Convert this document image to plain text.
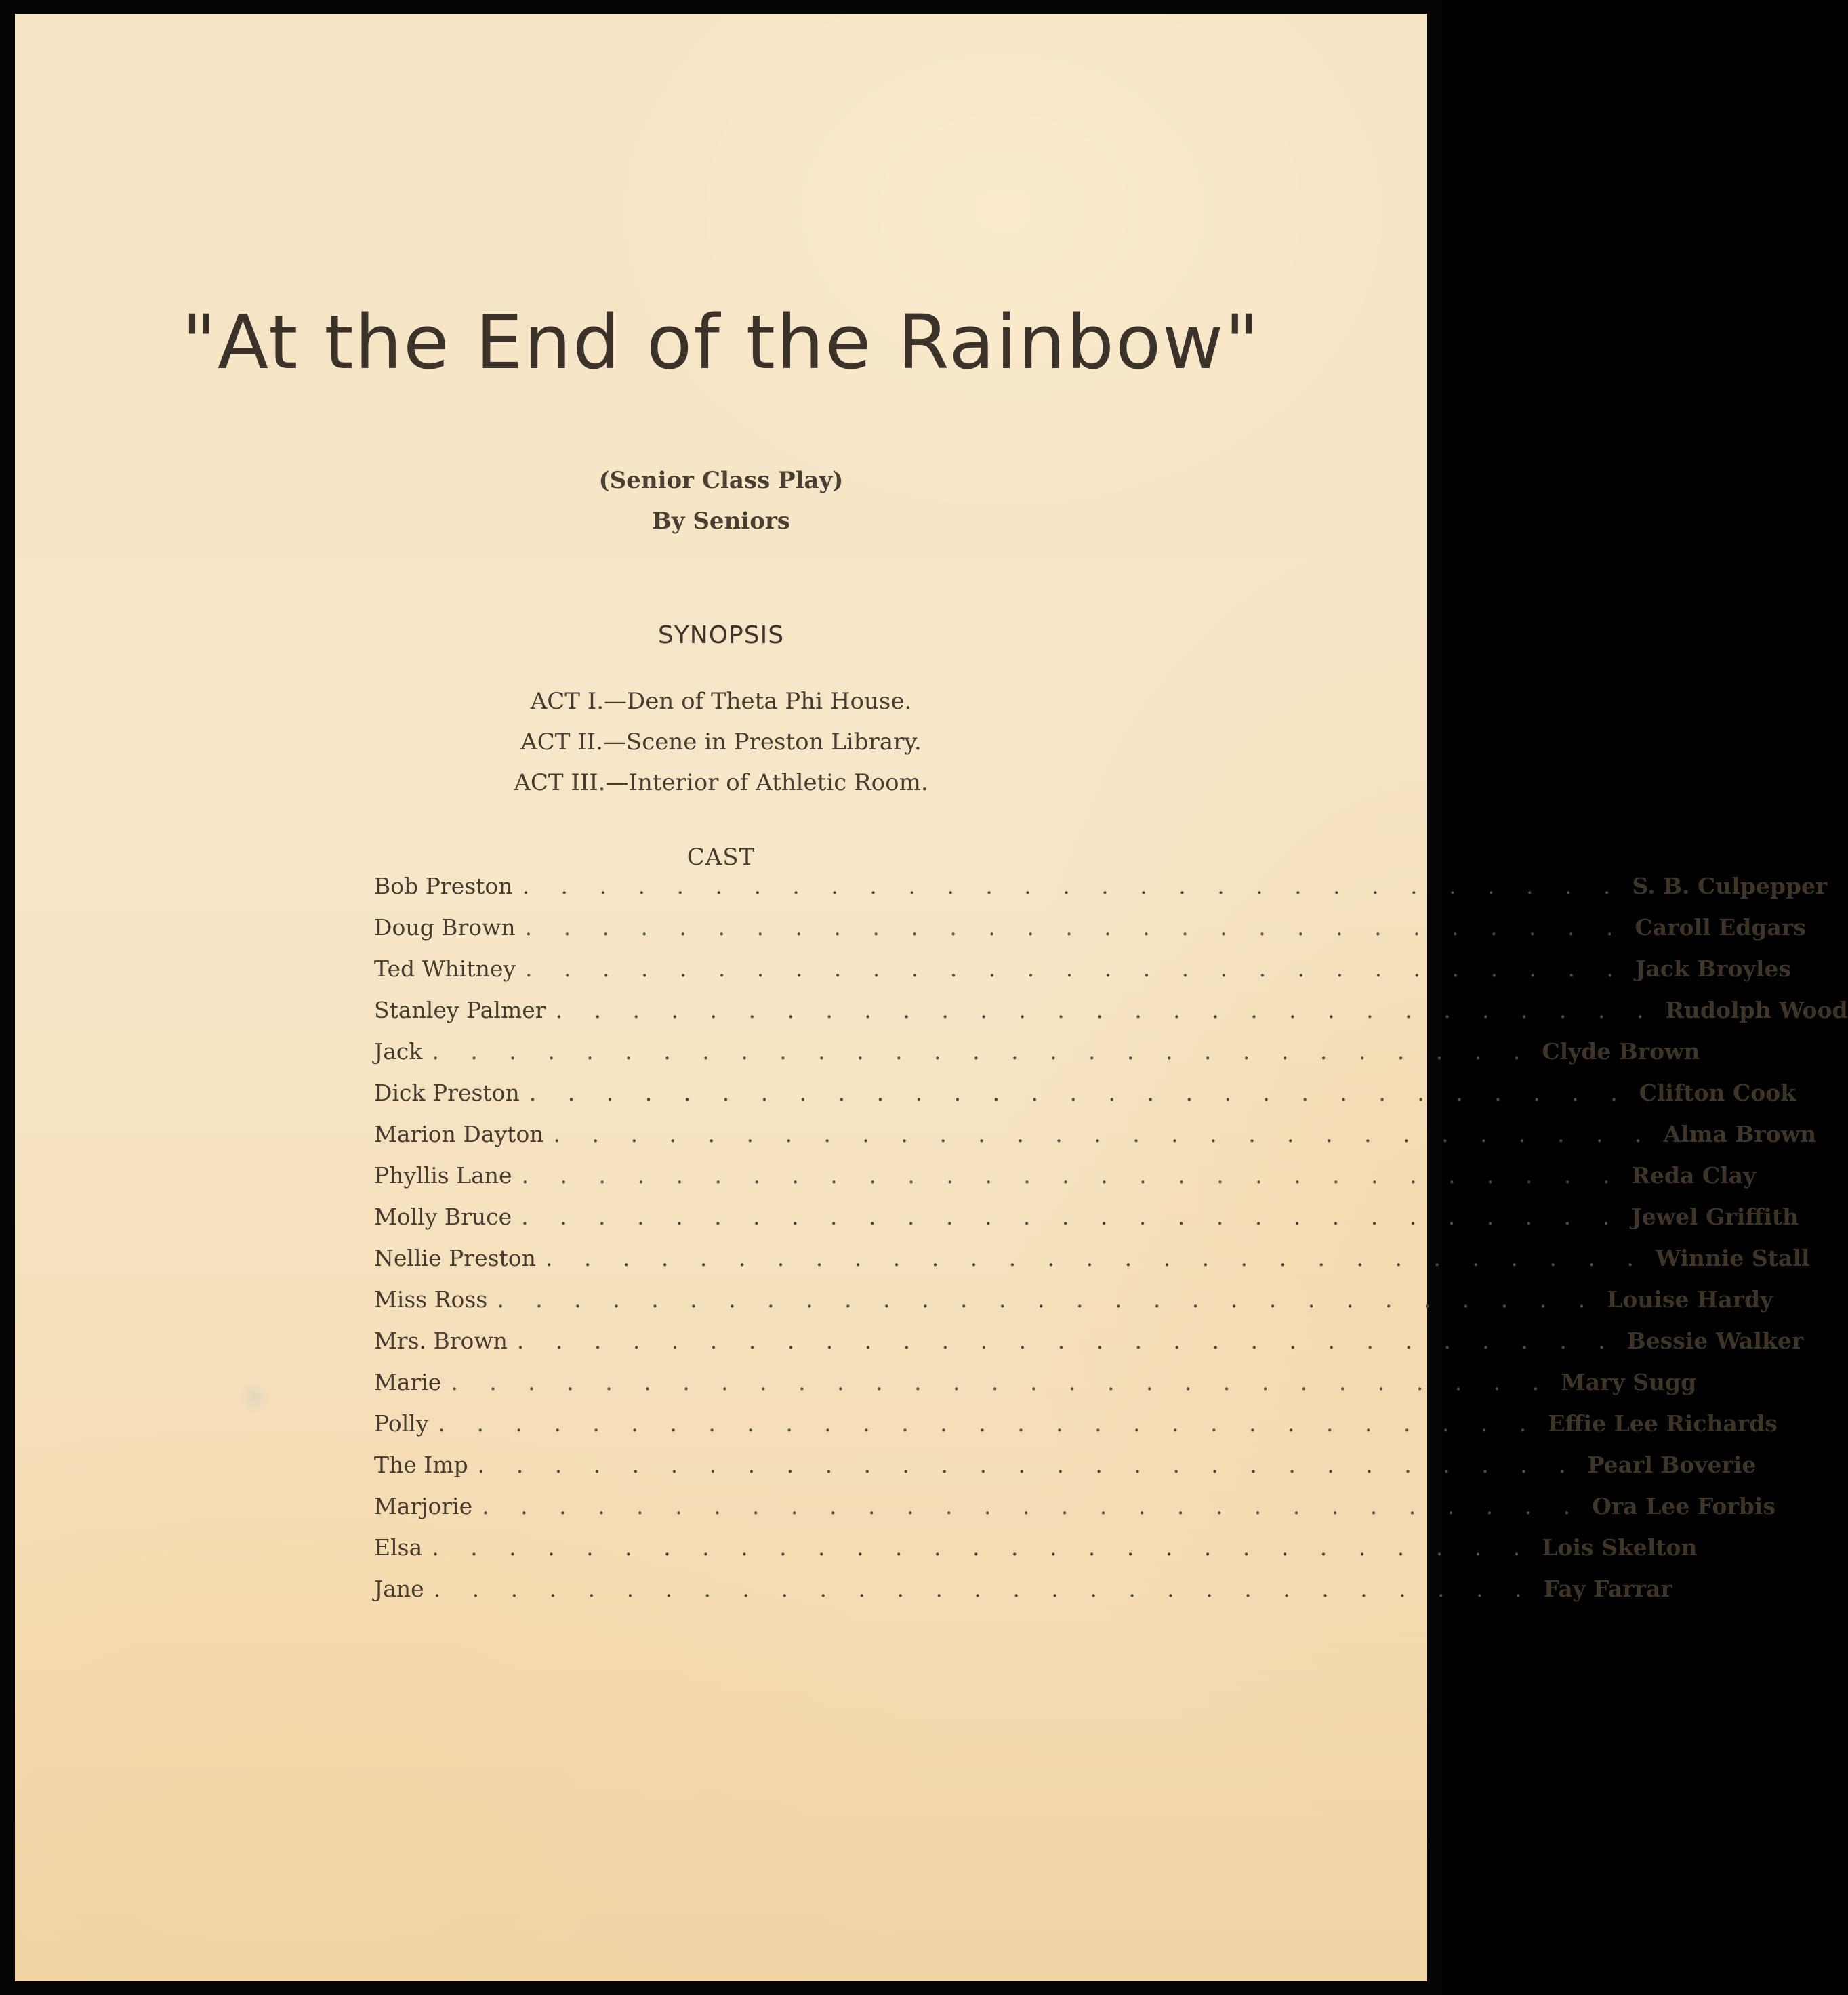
"At the End of the Rainbow"
(Senior Class Play)
By Seniors
SYNOPSIS
ACT I.—Den of Theta Phi House.
ACT II.—Scene in Preston Library.
ACT III.—Interior of Athletic Room.
CAST
Bob Preston . . . . . . . . . . . . . . . . . . . . . . . . . . . . . S. B. Culpepper
Doug Brown . . . . . . . . . . . . . . . . . . . . . . . . . . . . . Caroll Edgars
Ted Whitney . . . . . . . . . . . . . . . . . . . . . . . . . . . . . Jack Broyles
Stanley Palmer . . . . . . . . . . . . . . . . . . . . . . . . . . . . . Rudolph Wood
Jack . . . . . . . . . . . . . . . . . . . . . . . . . . . . . Clyde Brown
Dick Preston . . . . . . . . . . . . . . . . . . . . . . . . . . . . . Clifton Cook
Marion Dayton . . . . . . . . . . . . . . . . . . . . . . . . . . . . . Alma Brown
Phyllis Lane . . . . . . . . . . . . . . . . . . . . . . . . . . . . . Reda Clay
Molly Bruce . . . . . . . . . . . . . . . . . . . . . . . . . . . . . Jewel Griffith
Nellie Preston . . . . . . . . . . . . . . . . . . . . . . . . . . . . . Winnie Stall
Miss Ross . . . . . . . . . . . . . . . . . . . . . . . . . . . . . Louise Hardy
Mrs. Brown . . . . . . . . . . . . . . . . . . . . . . . . . . . . . Bessie Walker
Marie . . . . . . . . . . . . . . . . . . . . . . . . . . . . . Mary Sugg
Polly . . . . . . . . . . . . . . . . . . . . . . . . . . . . . Effie Lee Richards
The Imp . . . . . . . . . . . . . . . . . . . . . . . . . . . . . Pearl Boverie
Marjorie . . . . . . . . . . . . . . . . . . . . . . . . . . . . . Ora Lee Forbis
Elsa . . . . . . . . . . . . . . . . . . . . . . . . . . . . . Lois Skelton
Jane . . . . . . . . . . . . . . . . . . . . . . . . . . . . . Fay Farrar
